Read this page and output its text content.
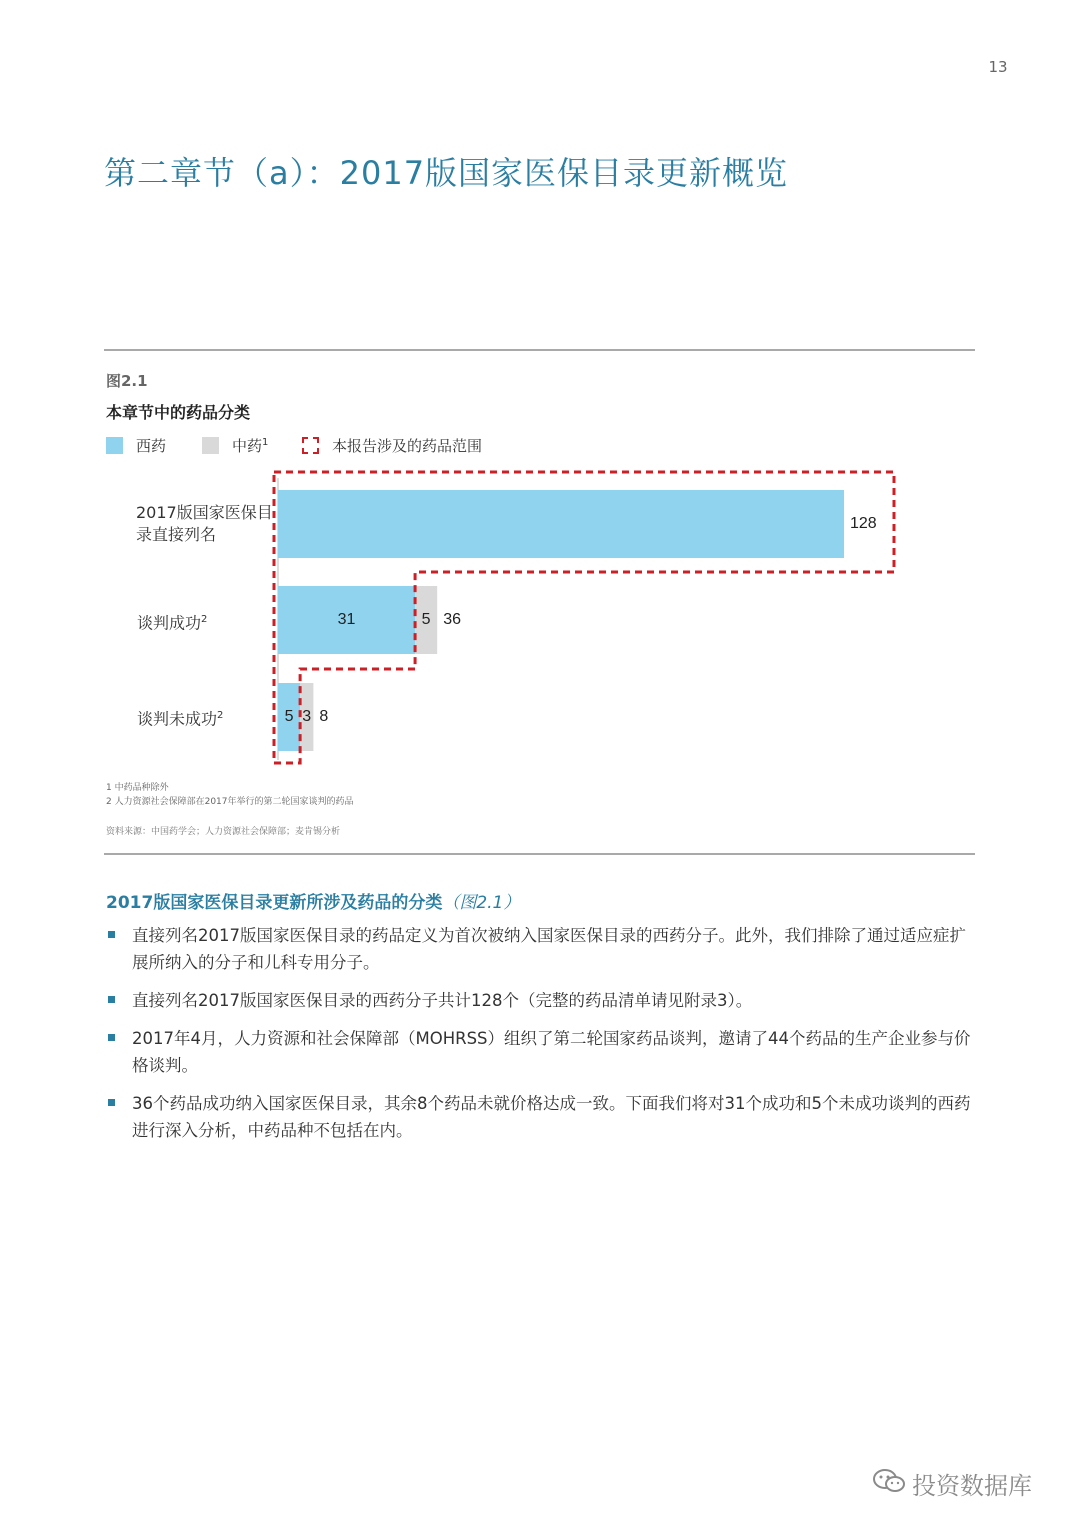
13
第二章节（a）：2017版国家医保目录更新概览
图2.1
本章节中的药品分类
西药	中药$^1$	本报告涉及的药品范围
2017版国家医保目录直接列名
谈判成功$^2$
谈判未成功$^2$
128
31	5 36
5 3 8
1 中药品种除外
2 人力资源社会保障部在2017年举行的第二轮国家谈判的药品
资料来源：中国药学会；人力资源社会保障部；麦肯锡分析
2017版国家医保目录更新所涉及药品的分类（图2.1）
直接列名2017版国家医保目录的药品定义为首次被纳入国家医保目录的西药分子。此外，我们排除了通过适应症扩展所纳入的分子和儿科专用分子。
直接列名2017版国家医保目录的西药分子共计128个（完整的药品清单请见附录3）。
2017年4月，人力资源和社会保障部（MOHRSS）组织了第二轮国家药品谈判，邀请了44个药品的生产企业参与价格谈判。
36个药品成功纳入国家医保目录，其余8个药品未就价格达成一致。下面我们将对31个成功和5个未成功谈判的西药进行深入分析，中药品种不包括在内。
投资数据库
